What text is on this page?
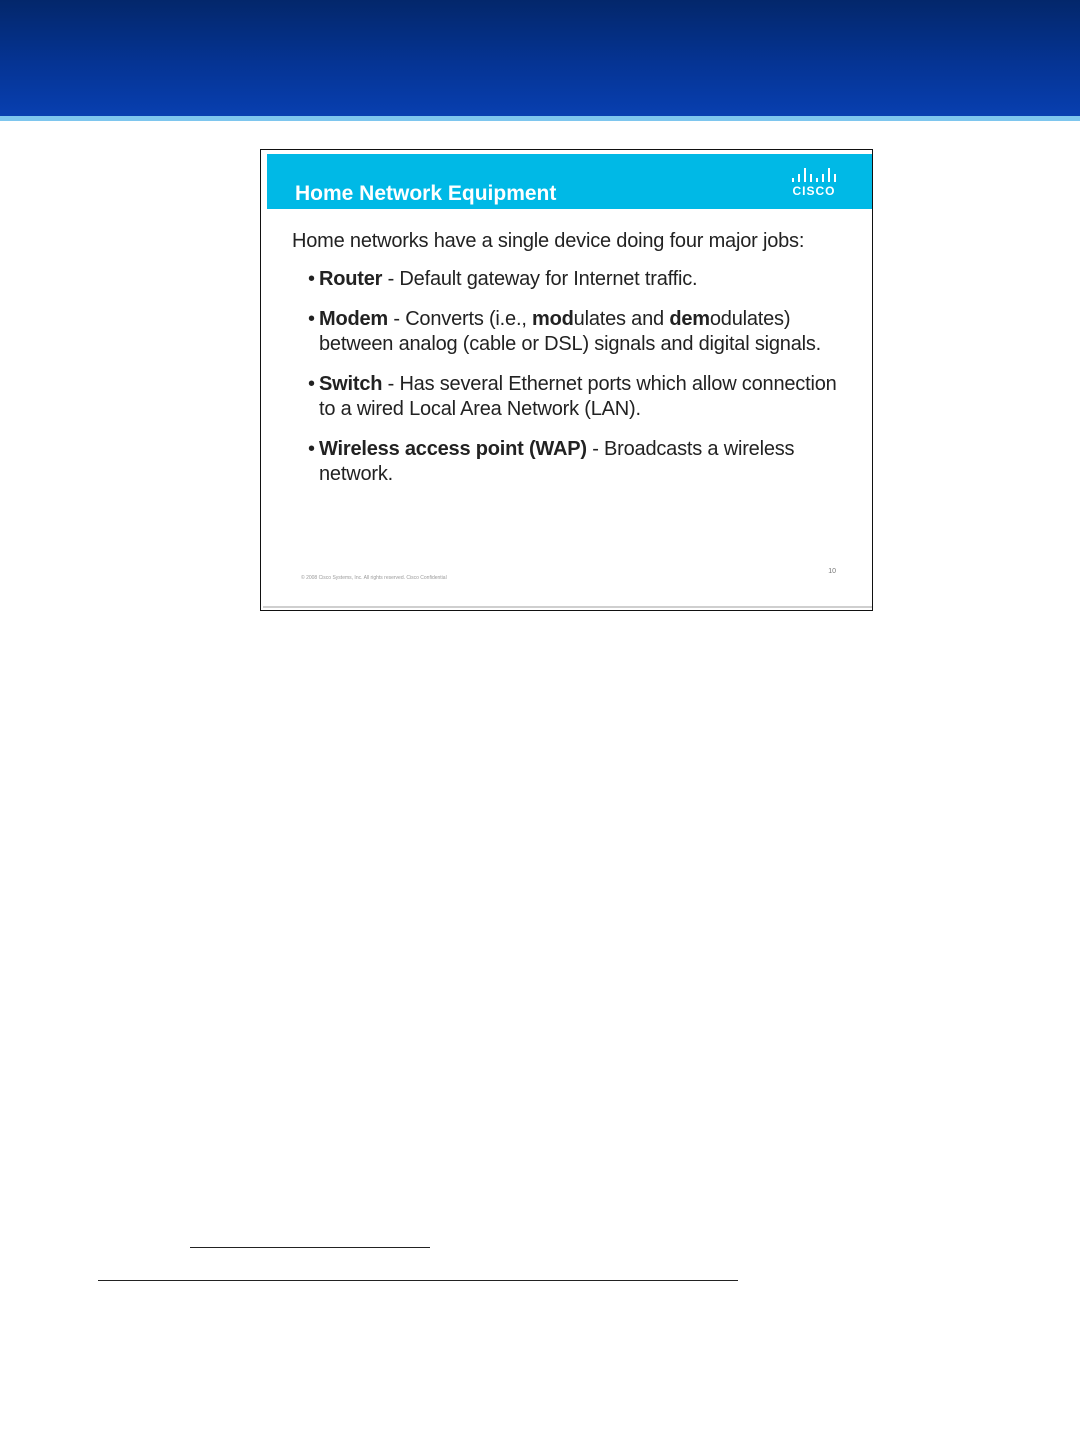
Home Network Equipment	CISCO

Home networks have a single device doing four major jobs:

• Router - Default gateway for Internet traffic.
• Modem - Converts (i.e., modulates and demodulates) between analog (cable or DSL) signals and digital signals.
• Switch - Has several Ethernet ports which allow connection to a wired Local Area Network (LAN).
• Wireless access point (WAP) - Broadcasts a wireless network.
© 2008 Cisco Systems, Inc. All rights reserved. Cisco Confidential
10
